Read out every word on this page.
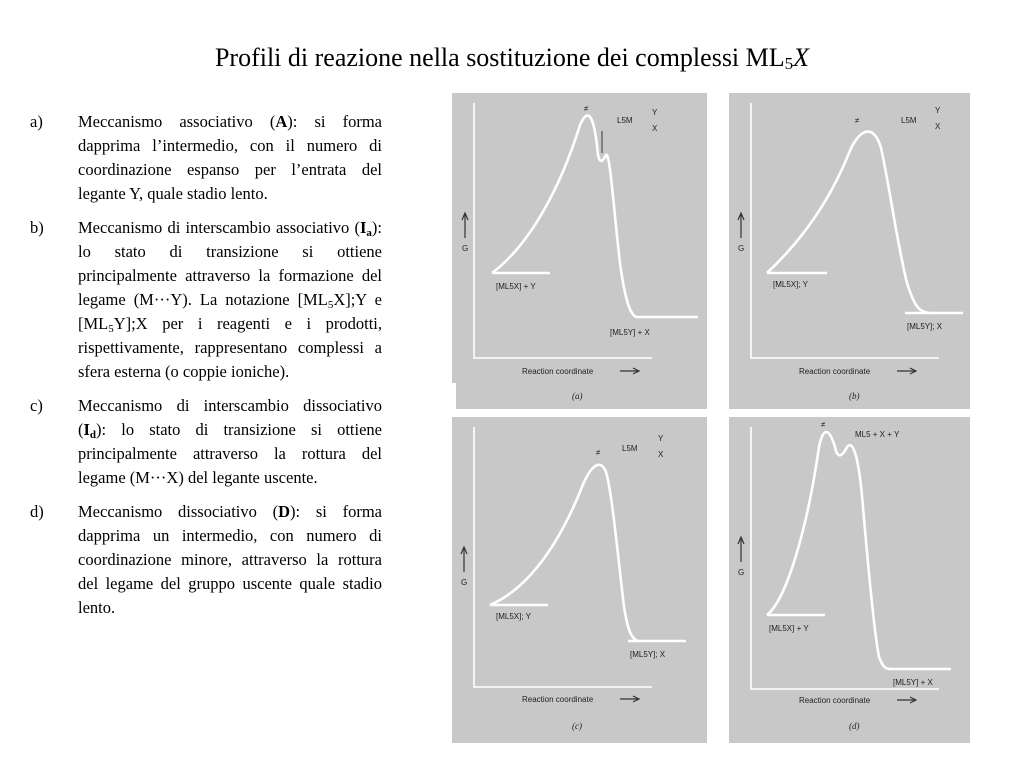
Profili di reazione nella sostituzione dei complessi $ML_5X$
a)	Meccanismo associativo (A): si forma dapprima l’intermedio, con il numero di coordinazione espanso per l’entrata del legante Y, quale stadio lento.
b)	Meccanismo di interscambio associativo $(I_a)$: lo stato di transizione si ottiene principalmente attraverso la formazione del legame (M···Y). La notazione $[ML_5X];Y$ e $[ML_5Y];X$ per i reagenti e i prodotti, rispettivamente, rappresentano complessi a sfera esterna (o coppie ioniche).
c)	Meccanismo di interscambio dissociativo $(I_d)$: lo stato di transizione si ottiene principalmente attraverso la rottura del legame (M···X) del legante uscente.
d)	Meccanismo dissociativo (D): si forma dapprima un intermedio, con numero di coordinazione minore, attraverso la rottura del legame del gruppo uscente quale stadio lento.
G
≠
L5M
Y
X
[ML5X] + Y
[ML5Y] + X
Reaction coordinate
(a)
G
≠	L5M
Y
X
[ML5X]; Y
[ML5Y]; X
Reaction coordinate
(b)
G
≠	L5M
Y
X
[ML5X]; Y
[ML5Y]; X
Reaction coordinate
(c)
G
≠
ML5 + X + Y
[ML5X] + Y
[ML5Y] + X
Reaction coordinate
(d)
